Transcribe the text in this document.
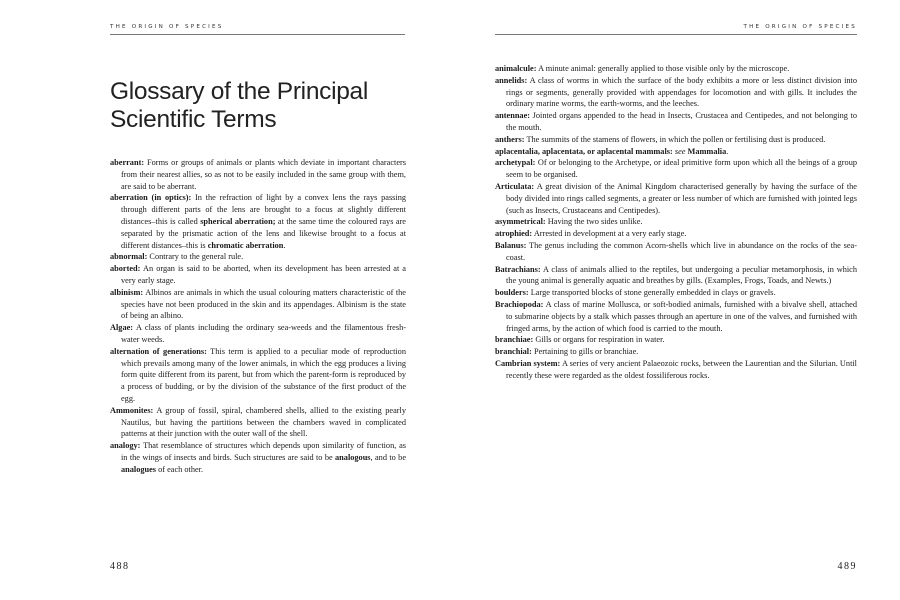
THE ORIGIN OF SPECIES
Glossary of the Principal
Scientific Terms

aberrant: Forms or groups of animals or plants which deviate in important characters from their nearest allies, so as not to be easily included in the same group with them, are said to be aberrant.

aberration (in optics): In the refraction of light by a convex lens the rays passing through different parts of the lens are brought to a focus at slightly different distances–this is called spherical aberration; at the same time the coloured rays are separated by the prismatic action of the lens and likewise brought to a focus at different distances–this is chromatic aberration.

abnormal: Contrary to the general rule.

aborted: An organ is said to be aborted, when its development has been arrested at a very early stage.

albinism: Albinos are animals in which the usual colouring matters characteristic of the species have not been produced in the skin and its appendages. Albinism is the state of being an albino.

Algae: A class of plants including the ordinary sea-weeds and the filamentous fresh-water weeds.

alternation of generations: This term is applied to a peculiar mode of reproduction which prevails among many of the lower animals, in which the egg produces a living form quite different from its parent, but from which the parent-form is reproduced by a process of budding, or by the division of the substance of the first product of the egg.

Ammonites: A group of fossil, spiral, chambered shells, allied to the existing pearly Nautilus, but having the partitions between the chambers waved in complicated patterns at their junction with the outer wall of the shell.

analogy: That resemblance of structures which depends upon similarity of function, as in the wings of insects and birds. Such structures are said to be analogous, and to be analogues of each other.

488
THE ORIGIN OF SPECIES

animalcule: A minute animal: generally applied to those visible only by the microscope.

annelids: A class of worms in which the surface of the body exhibits a more or less distinct division into rings or segments, generally provided with appendages for locomotion and with gills. It includes the ordinary marine worms, the earth-worms, and the leeches.

antennae: Jointed organs appended to the head in Insects, Crustacea and Centipedes, and not belonging to the mouth.

anthers: The summits of the stamens of flowers, in which the pollen or fertilising dust is produced.

aplacentalia, aplacentata, or aplacental mammals: see Mammalia.

archetypal: Of or belonging to the Archetype, or ideal primitive form upon which all the beings of a group seem to be organised.

Articulata: A great division of the Animal Kingdom characterised generally by having the surface of the body divided into rings called segments, a greater or less number of which are furnished with jointed legs (such as Insects, Crustaceans and Centipedes).

asymmetrical: Having the two sides unlike.

atrophied: Arrested in development at a very early stage.

Balanus: The genus including the common Acorn-shells which live in abundance on the rocks of the sea-coast.

Batrachians: A class of animals allied to the reptiles, but undergoing a peculiar metamorphosis, in which the young animal is generally aquatic and breathes by gills. (Examples, Frogs, Toads, and Newts.)

boulders: Large transported blocks of stone generally embedded in clays or gravels.

Brachiopoda: A class of marine Mollusca, or soft-bodied animals, furnished with a bivalve shell, attached to submarine objects by a stalk which passes through an aperture in one of the valves, and furnished with fringed arms, by the action of which food is carried to the mouth.

branchiae: Gills or organs for respiration in water.

branchial: Pertaining to gills or branchiae.

Cambrian system: A series of very ancient Palaeozoic rocks, between the Laurentian and the Silurian. Until recently these were regarded as the oldest fossiliferous rocks.

489
